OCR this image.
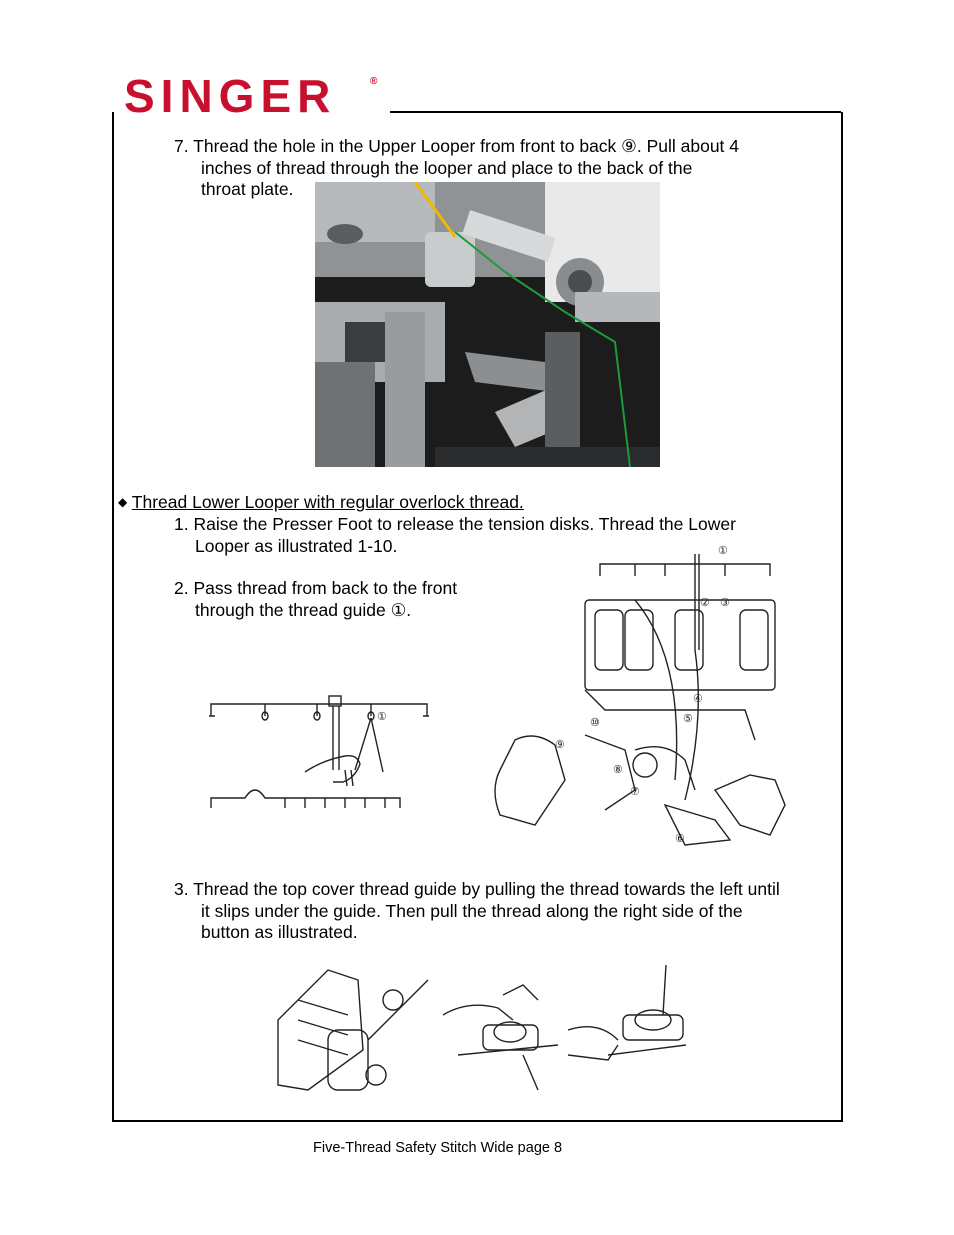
SINGER	®
7. Thread the hole in the Upper Looper from front to back ⑨. Pull about 4
inches of thread through the looper and place to the back of the
throat plate.
◆ Thread Lower Looper with regular overlock thread.
1. Raise the Presser Foot to release the tension disks. Thread the Lower
Looper as illustrated 1-10.
2. Pass thread from back to the front
through the thread guide ①.
①
①
② ③
④
⑤
⑥
⑦
⑧
⑨
⑩
3. Thread the top cover thread guide by pulling the thread towards the left until
it slips under the guide. Then pull the thread along the right side of the
button as illustrated.
Five-Thread Safety Stitch Wide page 8
